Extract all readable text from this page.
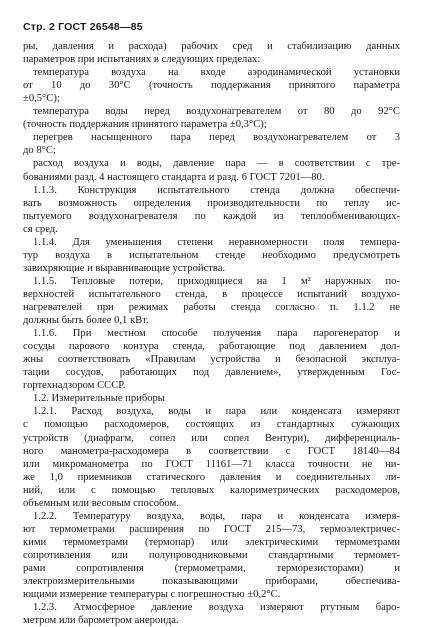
Стр. 2 ГОСТ 26548—85
ры, давления и расхода) рабочих сред и стабилизацию данных
параметров при испытаниях в следующих пределах:
температура воздуха на входе аэродинамической установки
от 10 до 30°С (точность поддержания принятого параметра
±0,5°С);
температура воды перед воздухонагревателем от 80 до 92°С
(точность поддержания принятого параметра ±0,3°С);
перегрев насыщенного пара перед воздухонагревателем от 3
до 8°С;
расход воздуха и воды, давление пара — в соответствии с тре-
бованиями разд. 4 настоящего стандарта и разд. 6 ГОСТ 7201—80.
1.1.3. Конструкция испытательного стенда должна обеспечи-
вать возможность определения производительности по теплу ис-
пытуемого воздухонагревателя по каждой из теплообменивающих-
ся сред.
1.1.4. Для уменьшения степени неравномерности поля темпера-
тур воздуха в испытательном стенде необходимо предусмотреть
завихряющие и выравнивающие устройства.
1.1.5. Тепловые потери, приходящиеся на 1 м² наружных по-
верхностей испытательного стенда, в процессе испытаний воздухо-
нагревателей при режимах работы стенда согласно п. 1.1.2 не
должны быть более 0,1 кВт.
1.1.6. При местном способе получения пара парогенератор и
сосуды парового контура стенда, работающие под давлением дол-
жны соответствовать «Правилам устройства и безопасной эксплуа-
тации сосудов, работающих под давлением», утвержденным Гос-
гортехнадзором СССР.
1.2. Измерительные приборы
1.2.1. Расход воздуха, воды и пара или конденсата измеряют
с помощью расходомеров, состоящих из стандартных сужающих
устройств (диафрагм, сопел или сопел Вентури), дифференциаль-
ного манометра-расходомера в соответствии с ГОСТ 18140—84
или микроманометра по ГОСТ 11161—71 класса точности не ни-
же 1,0 приемников статического давления и соединительных ли-
ний, или с помощью тепловых калориметрических расходомеров,
объемным или весовым способом.
1.2.2. Температуру воздуха, воды, пара и конденсата измеря-
ют термометрами расширения по ГОСТ 215—73, термоэлектричес-
кими термометрами (термопар) или электрическими термометрами
сопротивления или полупроводниковыми стандартными термомет-
рами сопротивления (термометрами, терморезисторами) и
электроизмерительными показывающими приборами, обеспечива-
ющими измерение температуры с погрешностью ±0,2°С.
1.2.3. Атмосферное давление воздуха измеряют ртутным баро-
метром или барометром анероида.
